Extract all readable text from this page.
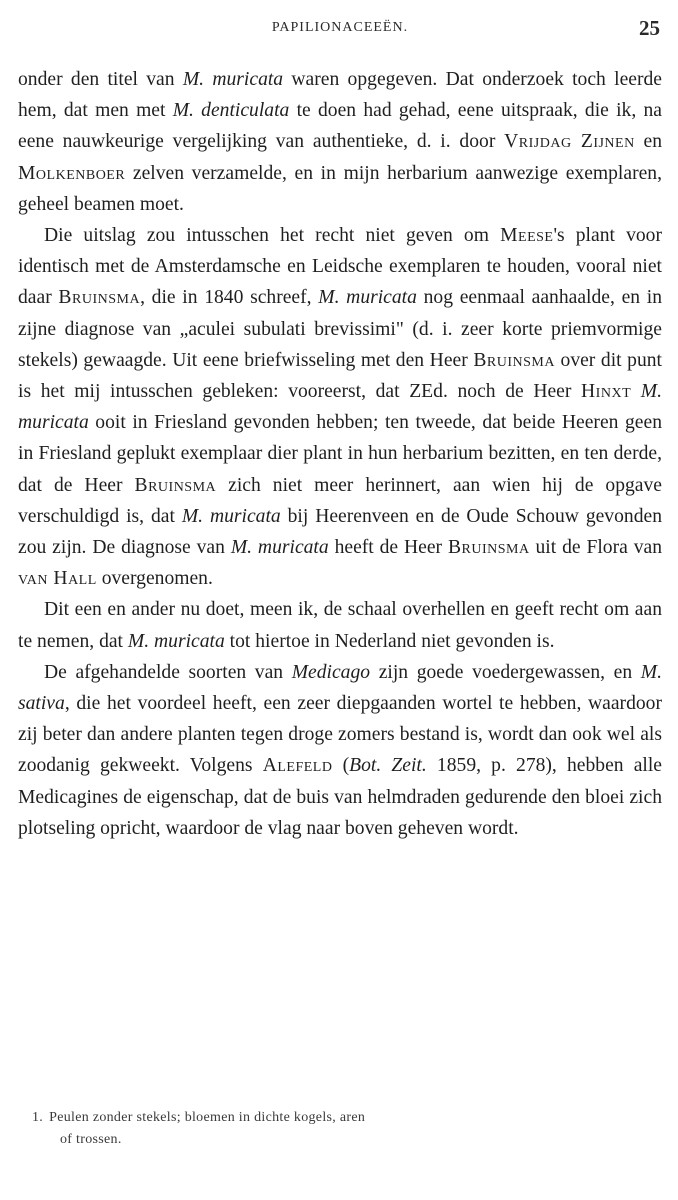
PAPILIONACEEËN.	25

onder den titel van M. muricata waren opgegeven. Dat onderzoek toch leerde hem, dat men met M. denticulata te doen had gehad, eene uitspraak, die ik, na eene nauwkeurige vergelijking van authentieke, d. i. door Vrijdag Zijnen en Molkenboer zelven verzamelde, en in mijn herbarium aanwezige exemplaren, geheel beamen moet.

Die uitslag zou intusschen het recht niet geven om Meese's plant voor identisch met de Amsterdamsche en Leidsche exemplaren te houden, vooral niet daar Bruinsma, die in 1840 schreef, M. muricata nog eenmaal aanhaalde, en in zijne diagnose van „aculei subulati brevissimi" (d. i. zeer korte priemvormige stekels) gewaagde. Uit eene briefwisseling met den Heer Bruinsma over dit punt is het mij intusschen gebleken: vooreerst, dat ZEd. noch de Heer Hinxt M. muricata ooit in Friesland gevonden hebben; ten tweede, dat beide Heeren geen in Friesland geplukt exemplaar dier plant in hun herbarium bezitten, en ten derde, dat de Heer Bruinsma zich niet meer herinnert, aan wien hij de opgave verschuldigd is, dat M. muricata bij Heerenveen en de Oude Schouw gevonden zou zijn. De diagnose van M. muricata heeft de Heer Bruinsma uit de Flora van van Hall overgenomen.

Dit een en ander nu doet, meen ik, de schaal overhellen en geeft recht om aan te nemen, dat M. muricata tot hiertoe in Nederland niet gevonden is.

De afgehandelde soorten van Medicago zijn goede voedergewassen, en M. sativa, die het voordeel heeft, een zeer diepgaanden wortel te hebben, waardoor zij beter dan andere planten tegen droge zomers bestand is, wordt dan ook wel als zoodanig gekweekt. Volgens Alefeld (Bot. Zeit. 1859, p. 278), hebben alle Medicagines de eigenschap, dat de buis van helmdraden gedurende den bloei zich plotseling opricht, waardoor de vlag naar boven geheven wordt.

1. Peulen zonder stekels; bloemen in dichte kogels, aren
of trossen.
